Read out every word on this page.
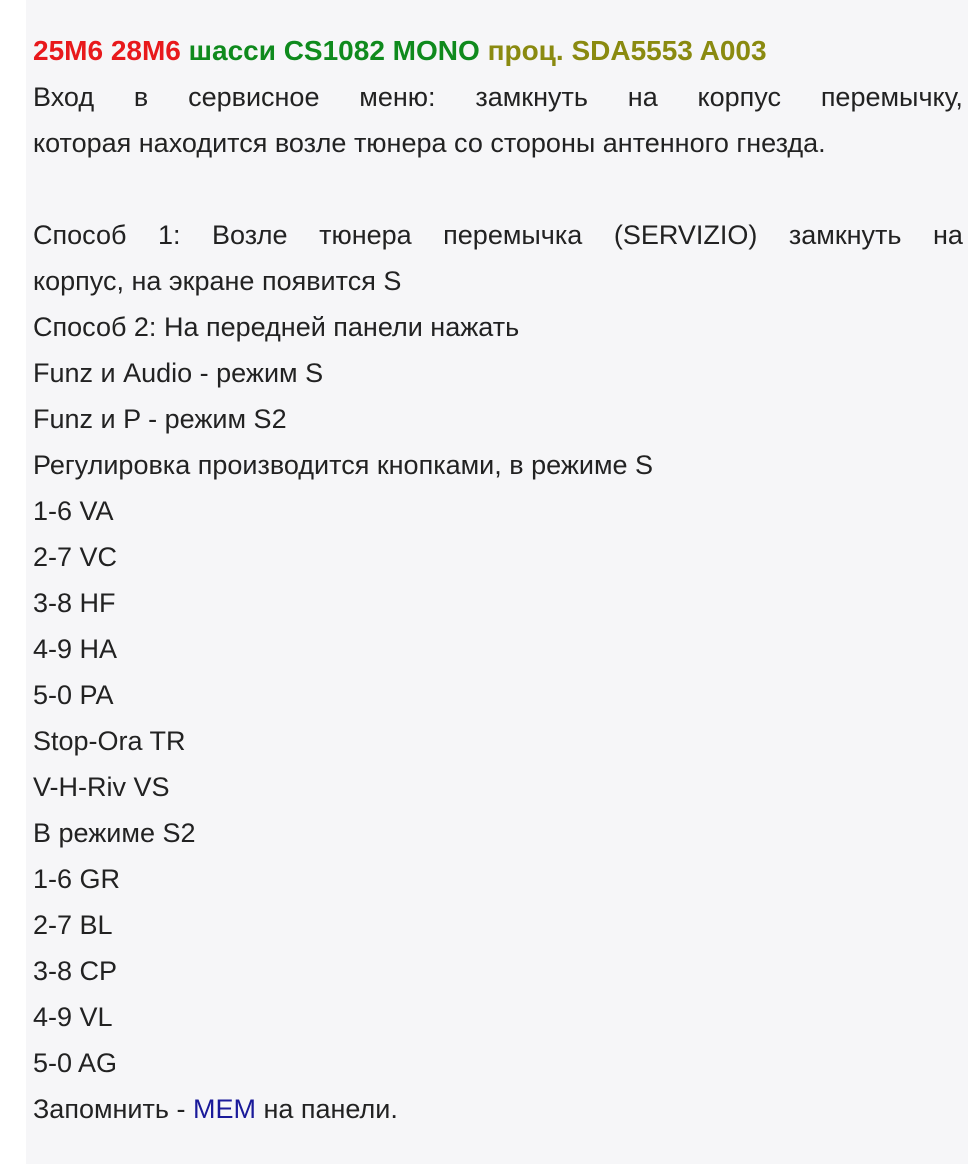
25M6 28M6 шасси CS1082 MONO проц. SDA5553 A003
Вход в сервисное меню: замкнуть на корпус перемычку,
которая находится возле тюнера со стороны антенного гнезда.
Способ 1: Возле тюнера перемычка (SERVIZIO) замкнуть на
корпус, на экране появится S
Способ 2: На передней панели нажать
Funz и Audio - режим S
Funz и P - режим S2
Регулировка производится кнопками, в режиме S
1-6 VA
2-7 VC
3-8 HF
4-9 HA
5-0 PA
Stop-Ora TR
V-H-Riv VS
В режиме S2
1-6 GR
2-7 BL
3-8 CP
4-9 VL
5-0 AG
Запомнить - MEM на панели.
